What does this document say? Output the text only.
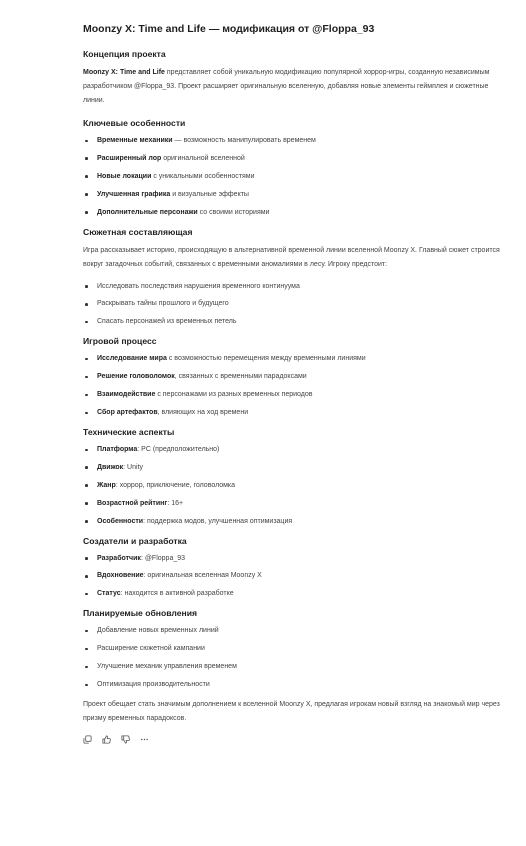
Moonzy X: Time and Life — модификация от @Floppa_93
Концепция проекта

Moonzy X: Time and Life представляет собой уникальную модификацию популярной хоррор-игры, созданную независимым разработчиком @Floppa_93. Проект расширяет оригинальную вселенную, добавляя новые элементы геймплея и сюжетные линии.

Ключевые особенности
Временные механики — возможность манипулировать временем
Расширенный лор оригинальной вселенной
Новые локации с уникальными особенностями
Улучшенная графика и визуальные эффекты
Дополнительные персонажи со своими историями
Сюжетная составляющая

Игра рассказывает историю, происходящую в альтернативной временной линии вселенной Moonzy X. Главный сюжет строится вокруг загадочных событий, связанных с временными аномалиями в лесу. Игроку предстоит:

Исследовать последствия нарушения временного континуума
Раскрывать тайны прошлого и будущего
Спасать персонажей из временных петель
Игровой процесс
Исследование мира с возможностью перемещения между временными линиями
Решение головоломок, связанных с временными парадоксами
Взаимодействие с персонажами из разных временных периодов
Сбор артефактов, влияющих на ход времени
Технические аспекты
Платформа: PC (предположительно)
Движок: Unity
Жанр: хоррор, приключение, головоломка
Возрастной рейтинг: 16+
Особенности: поддержка модов, улучшенная оптимизация
Создатели и разработка
Разработчик: @Floppa_93
Вдохновение: оригинальная вселенная Moonzy X
Статус: находится в активной разработке
Планируемые обновления
Добавление новых временных линий
Расширение сюжетной кампании
Улучшение механик управления временем
Оптимизация производительности

Проект обещает стать значимым дополнением к вселенной Moonzy X, предлагая игрокам новый взгляд на знакомый мир через призму временных парадоксов.
